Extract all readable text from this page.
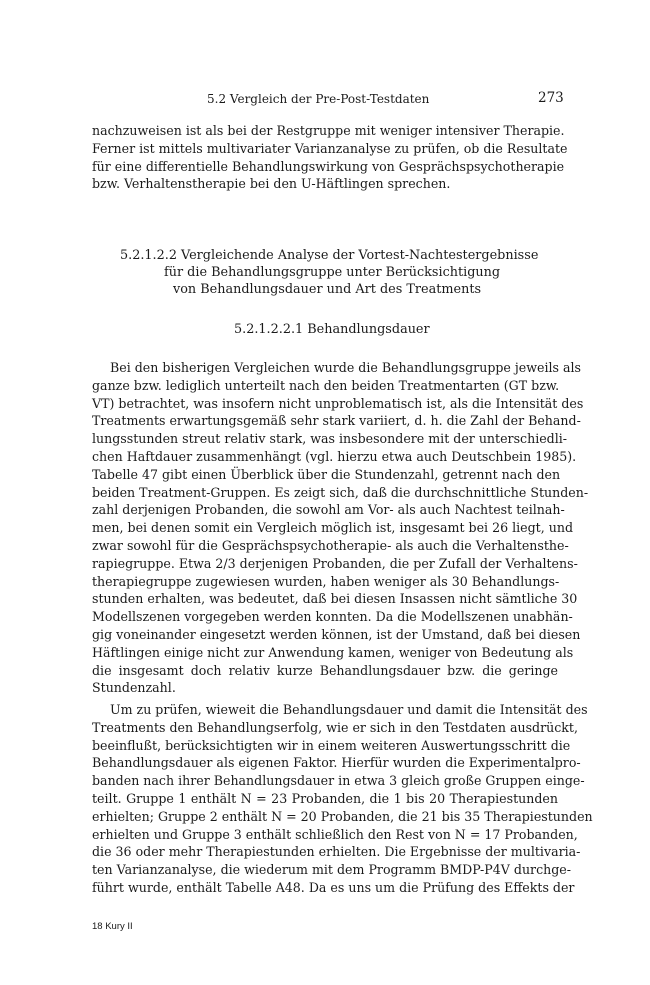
5.2 Vergleich der Pre-Post-Testdaten	273
nachzuweisen ist als bei der Restgruppe mit weniger intensiver Therapie.
Ferner ist mittels multivariater Varianzanalyse zu prüfen, ob die Resultate
für eine differentielle Behandlungswirkung von Gesprächspsychotherapie
bzw. Verhaltenstherapie bei den U-Häftlingen sprechen.
5.2.1.2.2 Vergleichende Analyse der Vortest-Nachtestergebnisse
für die Behandlungsgruppe unter Berücksichtigung
von Behandlungsdauer und Art des Treatments
5.2.1.2.2.1 Behandlungsdauer
Bei den bisherigen Vergleichen wurde die Behandlungsgruppe jeweils als
ganze bzw. lediglich unterteilt nach den beiden Treatmentarten (GT bzw.
VT) betrachtet, was insofern nicht unproblematisch ist, als die Intensität des
Treatments erwartungsgemäß sehr stark variiert, d. h. die Zahl der Behand-
lungsstunden streut relativ stark, was insbesondere mit der unterschiedli-
chen Haftdauer zusammenhängt (vgl. hierzu etwa auch Deutschbein 1985).
Tabelle 47 gibt einen Überblick über die Stundenzahl, getrennt nach den
beiden Treatment-Gruppen. Es zeigt sich, daß die durchschnittliche Stunden-
zahl derjenigen Probanden, die sowohl am Vor- als auch Nachtest teilnah-
men, bei denen somit ein Vergleich möglich ist, insgesamt bei 26 liegt, und
zwar sowohl für die Gesprächspsychotherapie- als auch die Verhaltensthe-
rapiegruppe. Etwa 2/3 derjenigen Probanden, die per Zufall der Verhaltens-
therapiegruppe zugewiesen wurden, haben weniger als 30 Behandlungs-
stunden erhalten, was bedeutet, daß bei diesen Insassen nicht sämtliche 30
Modellszenen vorgegeben werden konnten. Da die Modellszenen unabhän-
gig voneinander eingesetzt werden können, ist der Umstand, daß bei diesen
Häftlingen einige nicht zur Anwendung kamen, weniger von Bedeutung als
die insgesamt doch relativ kurze Behandlungsdauer bzw. die geringe
Stundenzahl.
Um zu prüfen, wieweit die Behandlungsdauer und damit die Intensität des
Treatments den Behandlungserfolg, wie er sich in den Testdaten ausdrückt,
beeinflußt, berücksichtigten wir in einem weiteren Auswertungsschritt die
Behandlungsdauer als eigenen Faktor. Hierfür wurden die Experimentalpro-
banden nach ihrer Behandlungsdauer in etwa 3 gleich große Gruppen einge-
teilt. Gruppe 1 enthält N = 23 Probanden, die 1 bis 20 Therapiestunden
erhielten; Gruppe 2 enthält N = 20 Probanden, die 21 bis 35 Therapiestunden
erhielten und Gruppe 3 enthält schließlich den Rest von N = 17 Probanden,
die 36 oder mehr Therapiestunden erhielten. Die Ergebnisse der multivaria-
ten Varianzanalyse, die wiederum mit dem Programm BMDP-P4V durchge-
führt wurde, enthält Tabelle A48. Da es uns um die Prüfung des Effekts der
18 Kury II
